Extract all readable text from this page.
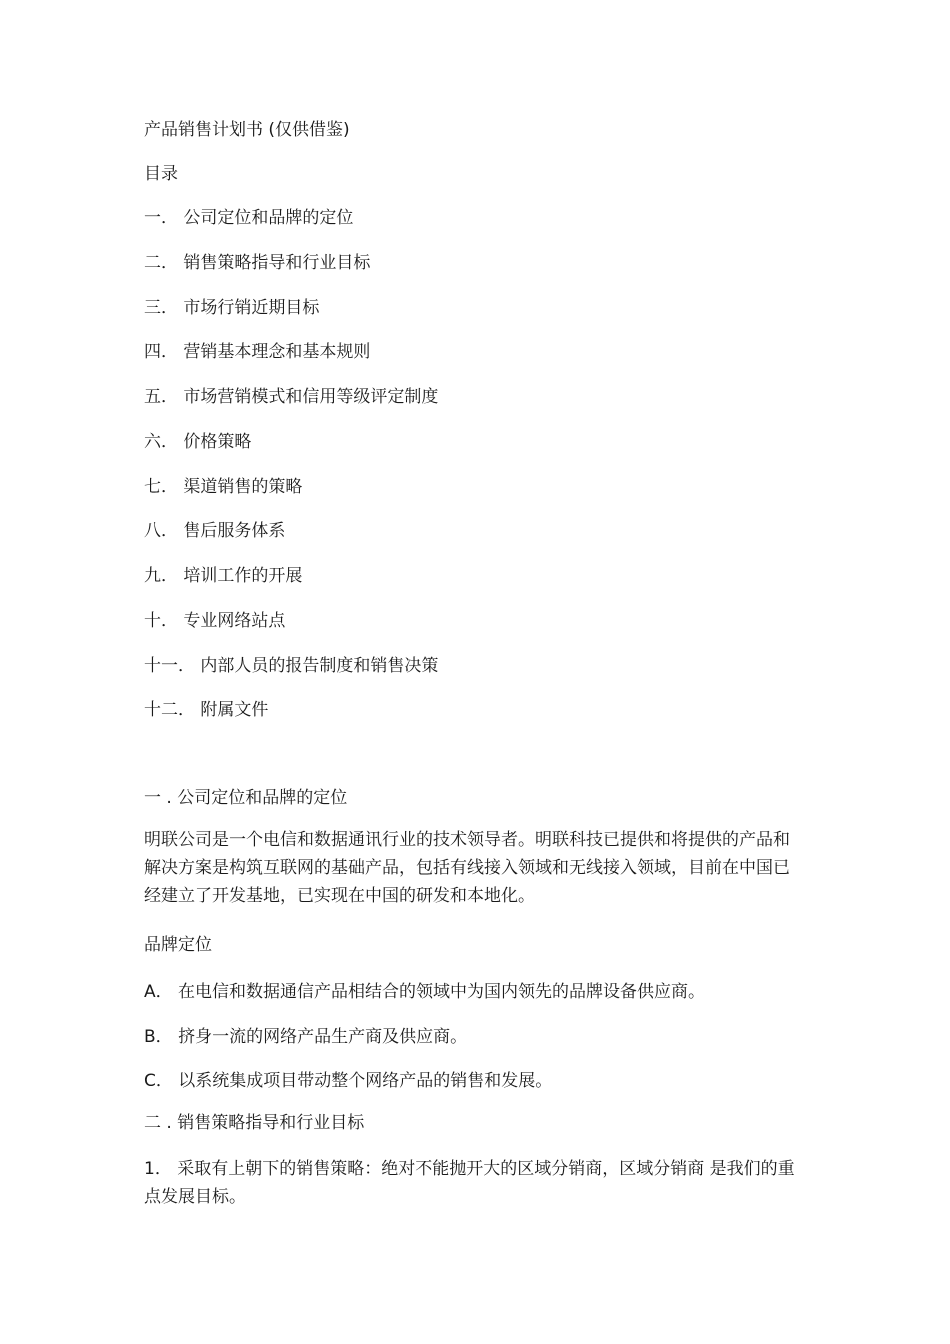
产品销售计划书 (仅供借鉴)
目录
一． 公司定位和品牌的定位
二． 销售策略指导和行业目标
三． 市场行销近期目标
四． 营销基本理念和基本规则
五． 市场营销模式和信用等级评定制度
六． 价格策略
七． 渠道销售的策略
八． 售后服务体系
九． 培训工作的开展
十． 专业网络站点
十一． 内部人员的报告制度和销售决策
十二． 附属文件
一 . 公司定位和品牌的定位
明联公司是一个电信和数据通讯行业的技术领导者。明联科技已提供和将提供的产品和解决方案是构筑互联网的基础产品，包括有线接入领域和无线接入领域，目前在中国已经建立了开发基地，已实现在中国的研发和本地化。
品牌定位
A． 在电信和数据通信产品相结合的领域中为国内领先的品牌设备供应商。
B． 挤身一流的网络产品生产商及供应商。
C． 以系统集成项目带动整个网络产品的销售和发展。
二 . 销售策略指导和行业目标
1． 采取有上朝下的销售策略：绝对不能抛开大的区域分销商，区域分销商 是我们的重点发展目标。
